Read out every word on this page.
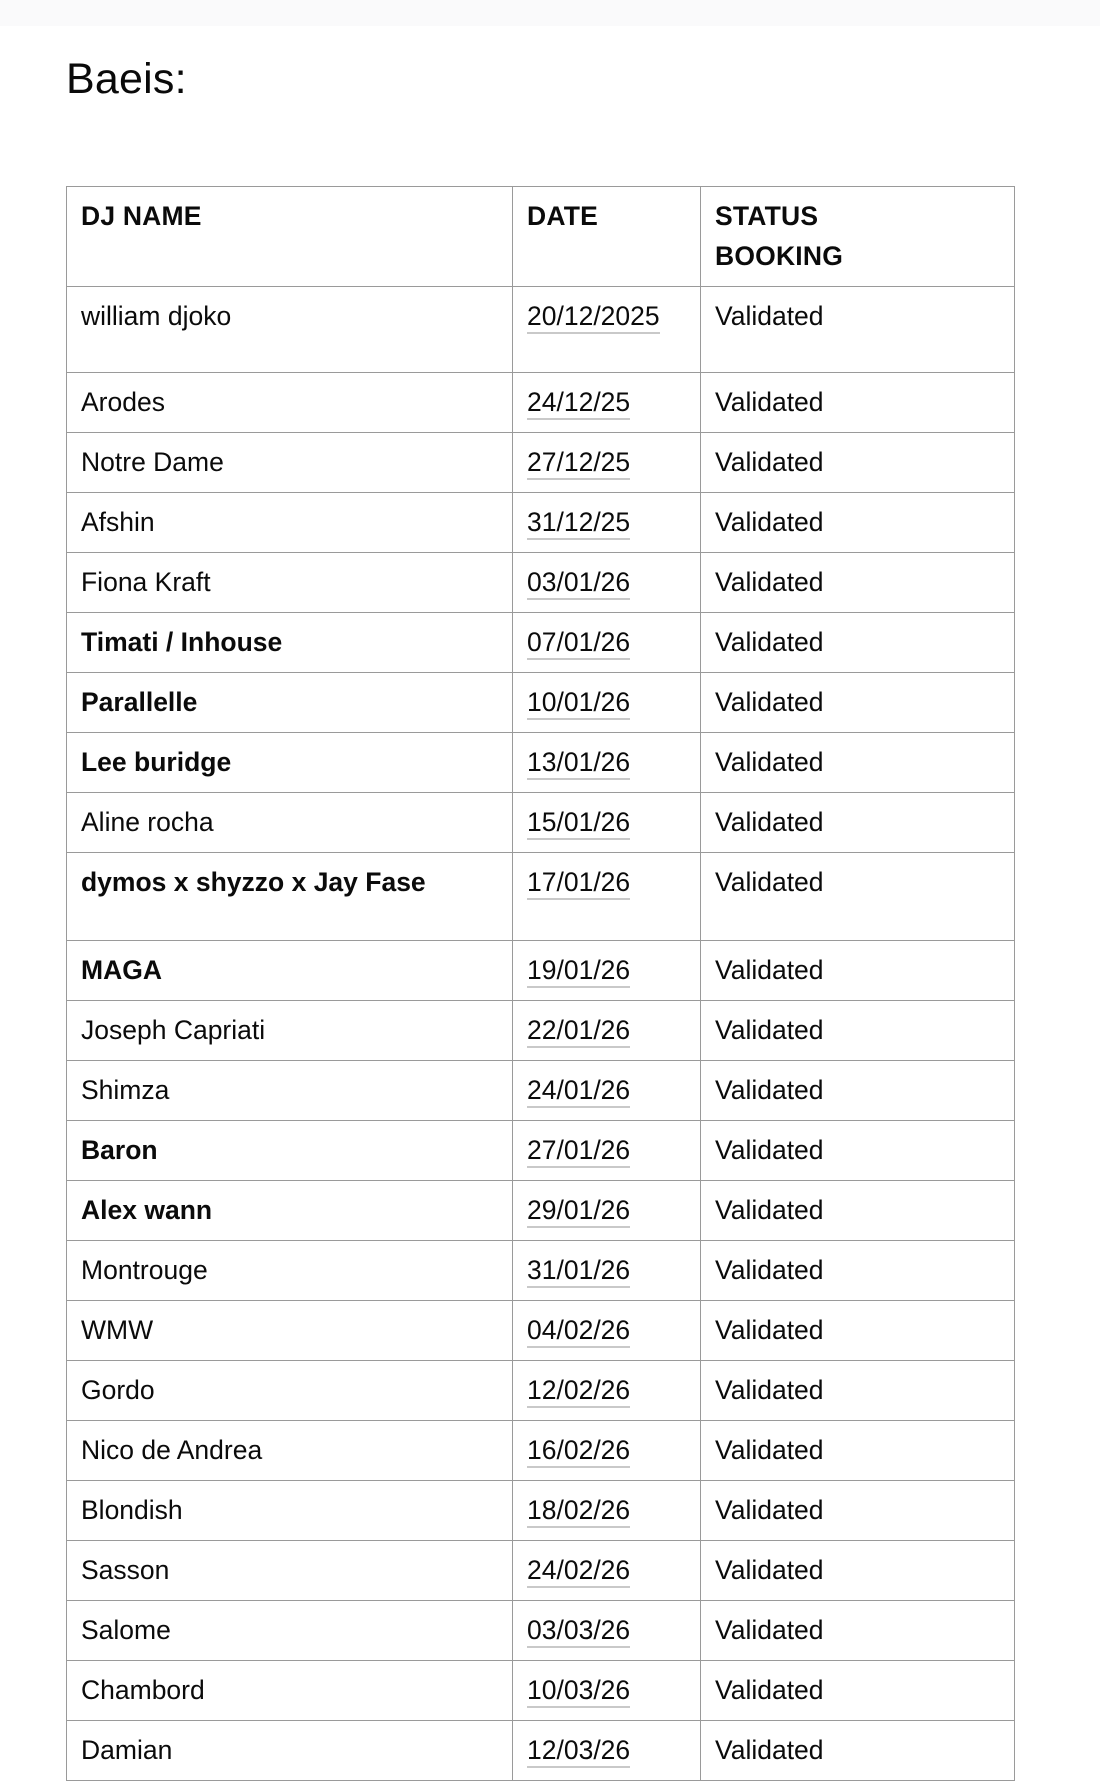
Baeis:
DJ NAME	DATE	STATUS
BOOKING
william djoko	20/12/2025	Validated
Arodes	24/12/25	Validated
Notre Dame	27/12/25	Validated
Afshin	31/12/25	Validated
Fiona Kraft	03/01/26	Validated
Timati / Inhouse	07/01/26	Validated
Parallelle	10/01/26	Validated
Lee buridge	13/01/26	Validated
Aline rocha	15/01/26	Validated
dymos x shyzzo x Jay Fase	17/01/26	Validated
MAGA	19/01/26	Validated
Joseph Capriati	22/01/26	Validated
Shimza	24/01/26	Validated
Baron	27/01/26	Validated
Alex wann	29/01/26	Validated
Montrouge	31/01/26	Validated
WMW	04/02/26	Validated
Gordo	12/02/26	Validated
Nico de Andrea	16/02/26	Validated
Blondish	18/02/26	Validated
Sasson	24/02/26	Validated
Salome	03/03/26	Validated
Chambord	10/03/26	Validated
Damian	12/03/26	Validated
